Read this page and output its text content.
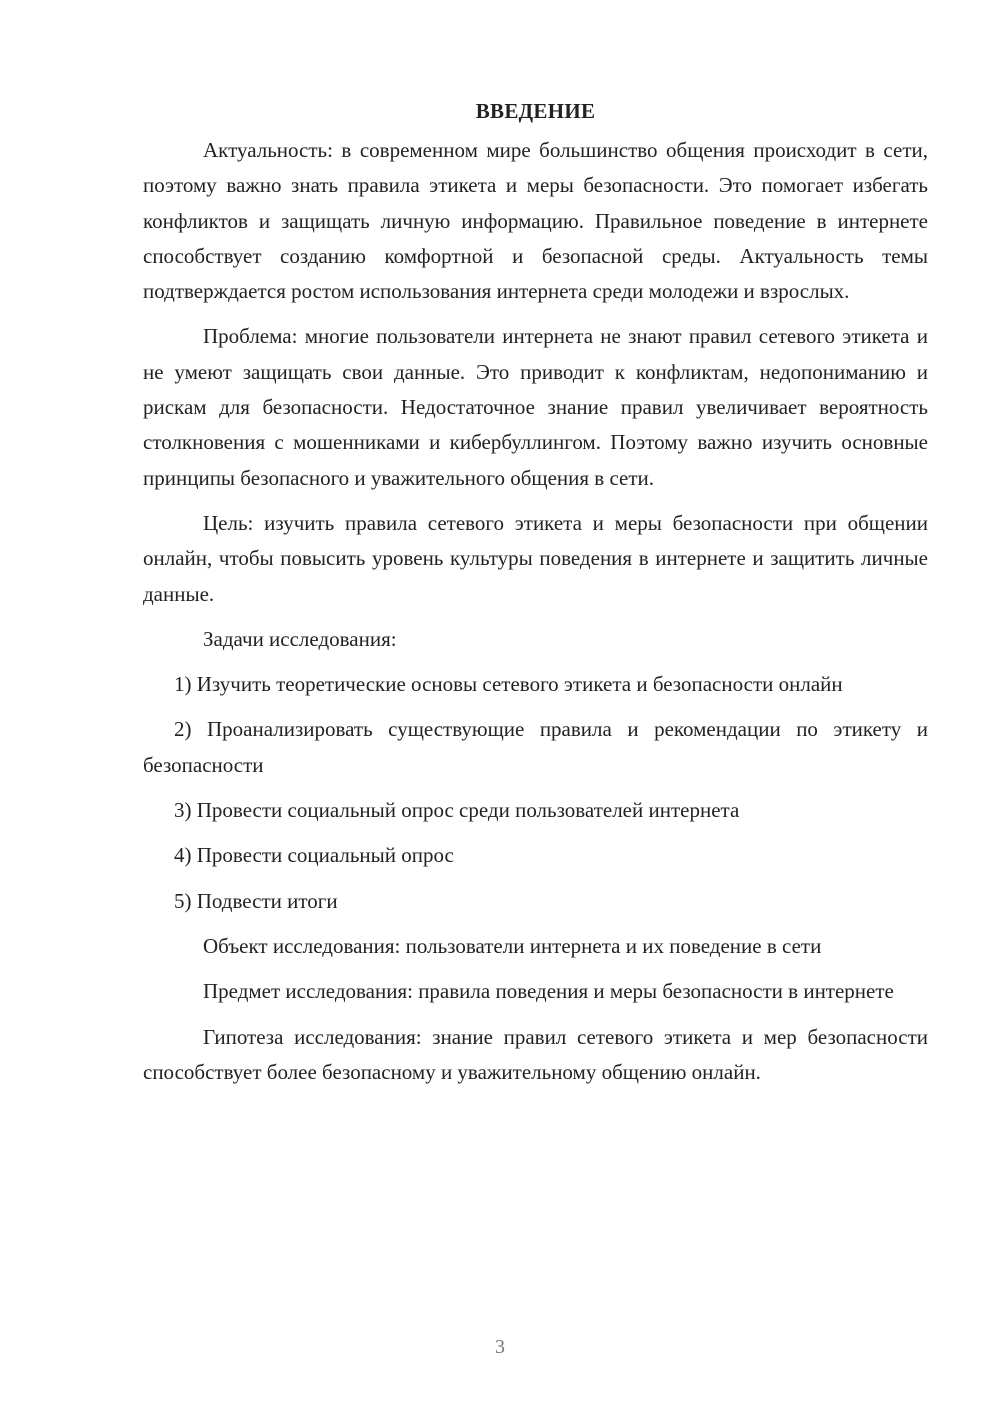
ВВЕДЕНИЕ

Актуальность: в современном мире большинство общения происходит в сети, поэтому важно знать правила этикета и меры безопасности. Это помогает избегать конфликтов и защищать личную информацию. Правильное поведение в интернете способствует созданию комфортной и безопасной среды. Актуальность темы подтверждается ростом использования интернета среди молодежи и взрослых.

Проблема: многие пользователи интернета не знают правил сетевого этикета и не умеют защищать свои данные. Это приводит к конфликтам, недопониманию и рискам для безопасности. Недостаточное знание правил увеличивает вероятность столкновения с мошенниками и кибербуллингом. Поэтому важно изучить основные принципы безопасного и уважительного общения в сети.

Цель: изучить правила сетевого этикета и меры безопасности при общении онлайн, чтобы повысить уровень культуры поведения в интернете и защитить личные данные.

Задачи исследования:

1) Изучить теоретические основы сетевого этикета и безопасности онлайн

2) Проанализировать существующие правила и рекомендации по этикету и безопасности

3) Провести социальный опрос среди пользователей интернета

4) Провести социальный опрос

5) Подвести итоги

Объект исследования: пользователи интернета и их поведение в сети

Предмет исследования: правила поведения и меры безопасности в интернете

Гипотеза исследования: знание правил сетевого этикета и мер безопасности способствует более безопасному и уважительному общению онлайн.

3
